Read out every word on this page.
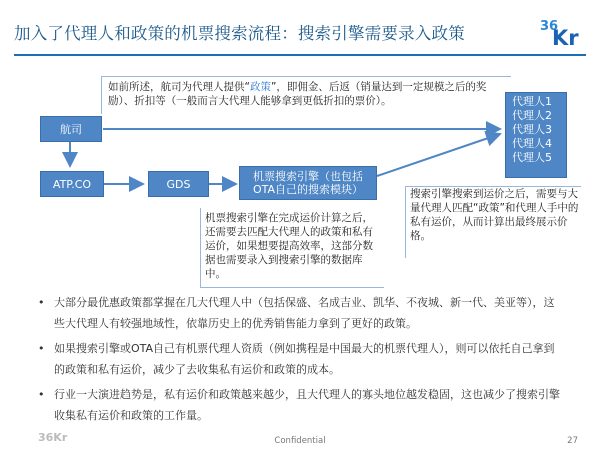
加入了代理人和政策的机票搜索流程：搜索引擎需要录入政策	36
Kr
如前所述，航司为代理人提供“政策”，即佣金、后返（销量达到一定规模之后的奖励）、折扣等（一般而言大代理人能够拿到更低折扣的票价）。
航司
ATP.CO	GDS
机票搜索引擎（也包括OTA自己的搜索模块）
代理人1
代理人2
代理人3
代理人4
代理人5
机票搜索引擎在完成运价计算之后，还需要去匹配大代理人的政策和私有运价，如果想要提高效率，这部分数据也需要录入到搜索引擎的数据库中。
搜索引擎搜索到运价之后，需要与大量代理人匹配“政策”和代理人手中的私有运价，从而计算出最终展示价格。
• 大部分最优惠政策都掌握在几大代理人中（包括保盛、名成吉业、凯华、不夜城、新一代、美亚等），这些大代理人有较强地域性，依靠历史上的优秀销售能力拿到了更好的政策。
• 如果搜索引擎或OTA自己有机票代理人资质（例如携程是中国最大的机票代理人），则可以依托自己拿到的政策和私有运价，减少了去收集私有运价和政策的成本。
• 行业一大演进趋势是，私有运价和政策越来越少，且大代理人的寡头地位越发稳固，这也减少了搜索引擎收集私有运价和政策的工作量。
36Kr	Confidential	27
